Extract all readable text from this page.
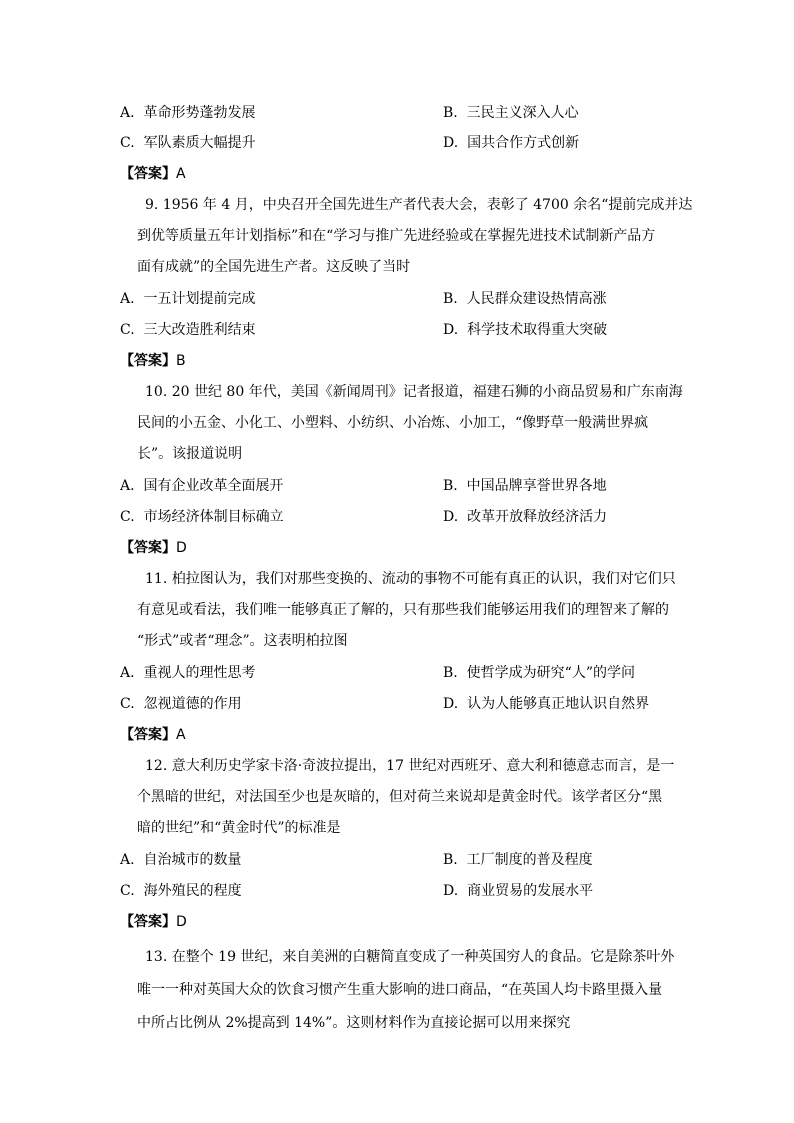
A. 革命形势蓬勃发展	B. 三民主义深入人心
C. 军队素质大幅提升	D. 国共合作方式创新
【答案】A
9. 1956 年 4 月，中央召开全国先进生产者代表大会，表彰了 4700 余名“提前完成并达
到优等质量五年计划指标”和在“学习与推广先进经验或在掌握先进技术试制新产品方
面有成就”的全国先进生产者。这反映了当时
A. 一五计划提前完成	B. 人民群众建设热情高涨
C. 三大改造胜利结束	D. 科学技术取得重大突破
【答案】B
10. 20 世纪 80 年代，美国《新闻周刊》记者报道，福建石狮的小商品贸易和广东南海
民间的小五金、小化工、小塑料、小纺织、小冶炼、小加工，“像野草一般满世界疯
长”。该报道说明
A. 国有企业改革全面展开	B. 中国品牌享誉世界各地
C. 市场经济体制目标确立	D. 改革开放释放经济活力
【答案】D
11. 柏拉图认为，我们对那些变换的、流动的事物不可能有真正的认识，我们对它们只
有意见或看法，我们唯一能够真正了解的，只有那些我们能够运用我们的理智来了解的
“形式”或者“理念”。这表明柏拉图
A. 重视人的理性思考	B. 使哲学成为研究“人”的学问
C. 忽视道德的作用	D. 认为人能够真正地认识自然界
【答案】A
12. 意大利历史学家卡洛·奇波拉提出，17 世纪对西班牙、意大利和德意志而言，是一
个黑暗的世纪，对法国至少也是灰暗的，但对荷兰来说却是黄金时代。该学者区分“黑
暗的世纪”和“黄金时代”的标准是
A. 自治城市的数量	B. 工厂制度的普及程度
C. 海外殖民的程度	D. 商业贸易的发展水平
【答案】D
13. 在整个 19 世纪，来自美洲的白糖简直变成了一种英国穷人的食品。它是除茶叶外
唯一一种对英国大众的饮食习惯产生重大影响的进口商品，“在英国人均卡路里摄入量
中所占比例从 2%提高到 14%”。这则材料作为直接论据可以用来探究
